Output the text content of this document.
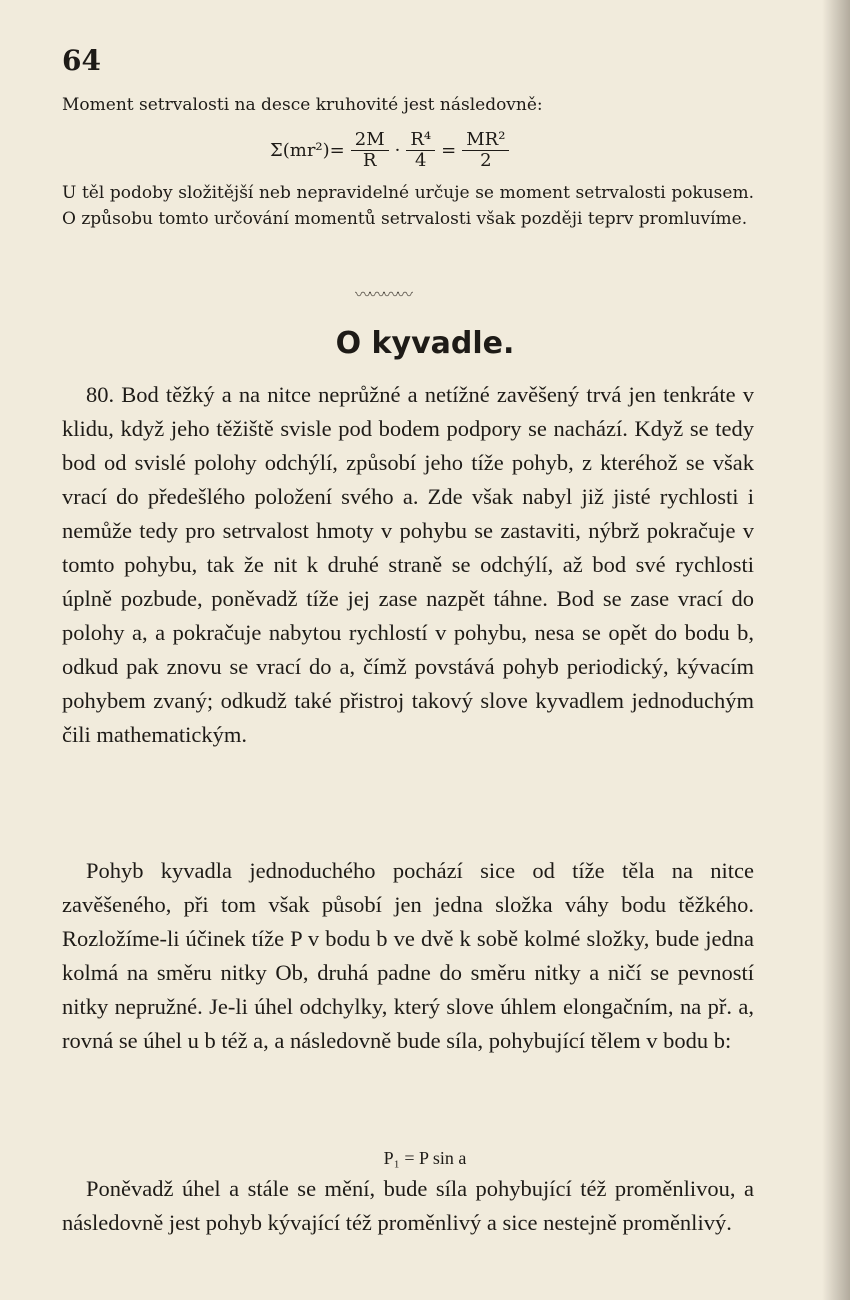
64

Moment setrvalosti na desce kruhovité jest následovně:

$\Sigma(mr^2)= \frac{2M}{R} \cdot \frac{\text{R⁴}}{4} = \frac{\text{MR²}}{2}$

U těl podoby složitější neb nepravidelné určuje se moment setrvalosti pokusem. O způsobu tomto určování momentů setrvalosti však později teprv promluvíme.

〰〰〰〰
O kyvadle.

80. Bod těžký a na nitce neprůžné a netížné zavěšený trvá jen tenkráte v klidu, když jeho těžiště svisle pod bodem podpory se nachází. Když se tedy bod od svislé polohy odchýlí, způsobí jeho tíže pohyb, z kteréhož se však vrací do předešlého položení svého a. Zde však nabyl již jisté rychlosti i nemůže tedy pro setrvalost hmoty v pohybu se zastaviti, nýbrž pokračuje v tomto pohybu, tak že nit k druhé straně se odchýlí, až bod své rychlosti úplně pozbude, poněvadž tíže jej zase nazpět táhne. Bod se zase vrací do polohy a, a pokračuje nabytou rychlostí v pohybu, nesa se opět do bodu b, odkud pak znovu se vrací do a, čímž povstává pohyb periodický, kývacím pohybem zvaný; odkudž také přistroj takový slove kyvadlem jednoduchým čili mathematickým.

Pohyb kyvadla jednoduchého pochází sice od tíže těla na nitce zavěšeného, při tom však působí jen jedna složka váhy bodu těžkého. Rozložíme-li účinek tíže P v bodu b ve dvě k sobě kolmé složky, bude jedna kolmá na směru nitky Ob, druhá padne do směru nitky a ničí se pevností nitky nepružné. Je-li úhel odchylky, který slove úhlem elongačním, na př. a, rovná se úhel u b též a, a následovně bude síla, pohybující tělem v bodu b:

P₁ = P sin a

Poněvadž úhel a stále se mění, bude síla pohybující též proměnlivou, a následovně jest pohyb kývající též proměnlivý a sice nestejně proměnlivý.
